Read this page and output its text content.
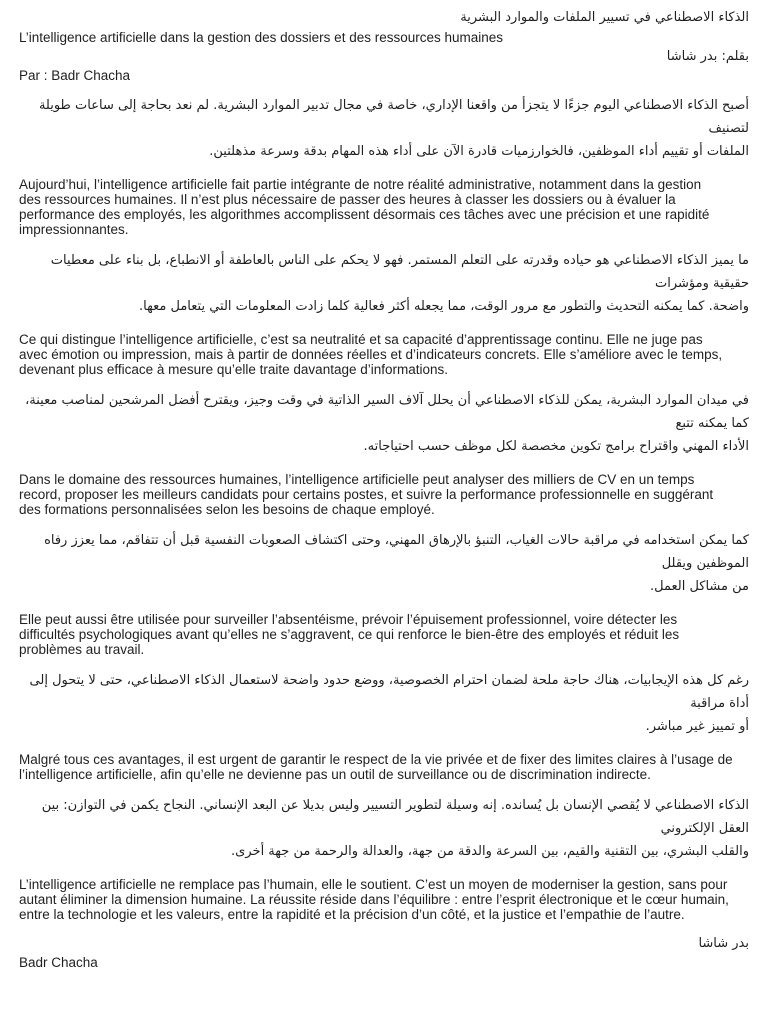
الذكاء الاصطناعي في تسيير الملفات والموارد البشرية
L’intelligence artificielle dans la gestion des dossiers et des ressources humaines
بقلم: بدر شاشا
Par : Badr Chacha
أصبح الذكاء الاصطناعي اليوم جزءًا لا يتجزأ من واقعنا الإداري، خاصة في مجال تدبير الموارد البشرية. لم نعد بحاجة إلى ساعات طويلة لتصنيف
الملفات أو تقييم أداء الموظفين، فالخوارزميات قادرة الآن على أداء هذه المهام بدقة وسرعة مذهلتين.
Aujourd’hui, l’intelligence artificielle fait partie intégrante de notre réalité administrative, notamment dans la gestion
des ressources humaines. Il n’est plus nécessaire de passer des heures à classer les dossiers ou à évaluer la
performance des employés, les algorithmes accomplissent désormais ces tâches avec une précision et une rapidité
impressionnantes.
ما يميز الذكاء الاصطناعي هو حياده وقدرته على التعلم المستمر. فهو لا يحكم على الناس بالعاطفة أو الانطباع، بل بناء على معطيات حقيقية ومؤشرات
واضحة. كما يمكنه التحديث والتطور مع مرور الوقت، مما يجعله أكثر فعالية كلما زادت المعلومات التي يتعامل معها.
Ce qui distingue l’intelligence artificielle, c’est sa neutralité et sa capacité d’apprentissage continu. Elle ne juge pas
avec émotion ou impression, mais à partir de données réelles et d’indicateurs concrets. Elle s’améliore avec le temps,
devenant plus efficace à mesure qu’elle traite davantage d’informations.
في ميدان الموارد البشرية، يمكن للذكاء الاصطناعي أن يحلل آلاف السير الذاتية في وقت وجيز، ويقترح أفضل المرشحين لمناصب معينة، كما يمكنه تتبع
الأداء المهني واقتراح برامج تكوين مخصصة لكل موظف حسب احتياجاته.
Dans le domaine des ressources humaines, l’intelligence artificielle peut analyser des milliers de CV en un temps
record, proposer les meilleurs candidats pour certains postes, et suivre la performance professionnelle en suggérant
des formations personnalisées selon les besoins de chaque employé.
كما يمكن استخدامه في مراقبة حالات الغياب، التنبؤ بالإرهاق المهني، وحتى اكتشاف الصعوبات النفسية قبل أن تتفاقم، مما يعزز رفاه الموظفين ويقلل
من مشاكل العمل.
Elle peut aussi être utilisée pour surveiller l’absentéisme, prévoir l’épuisement professionnel, voire détecter les
difficultés psychologiques avant qu’elles ne s’aggravent, ce qui renforce le bien-être des employés et réduit les
problèmes au travail.
رغم كل هذه الإيجابيات، هناك حاجة ملحة لضمان احترام الخصوصية، ووضع حدود واضحة لاستعمال الذكاء الاصطناعي، حتى لا يتحول إلى أداة مراقبة
أو تمييز غير مباشر.
Malgré tous ces avantages, il est urgent de garantir le respect de la vie privée et de fixer des limites claires à l’usage de
l’intelligence artificielle, afin qu’elle ne devienne pas un outil de surveillance ou de discrimination indirecte.
الذكاء الاصطناعي لا يُقصي الإنسان بل يُسانده. إنه وسيلة لتطوير التسيير وليس بديلا عن البعد الإنساني. النجاح يكمن في التوازن: بين العقل الإلكتروني
والقلب البشري، بين التقنية والقيم، بين السرعة والدقة من جهة، والعدالة والرحمة من جهة أخرى.
L’intelligence artificielle ne remplace pas l’humain, elle le soutient. C’est un moyen de moderniser la gestion, sans pour
autant éliminer la dimension humaine. La réussite réside dans l’équilibre : entre l’esprit électronique et le cœur humain,
entre la technologie et les valeurs, entre la rapidité et la précision d’un côté, et la justice et l’empathie de l’autre.
بدر شاشا
Badr Chacha
